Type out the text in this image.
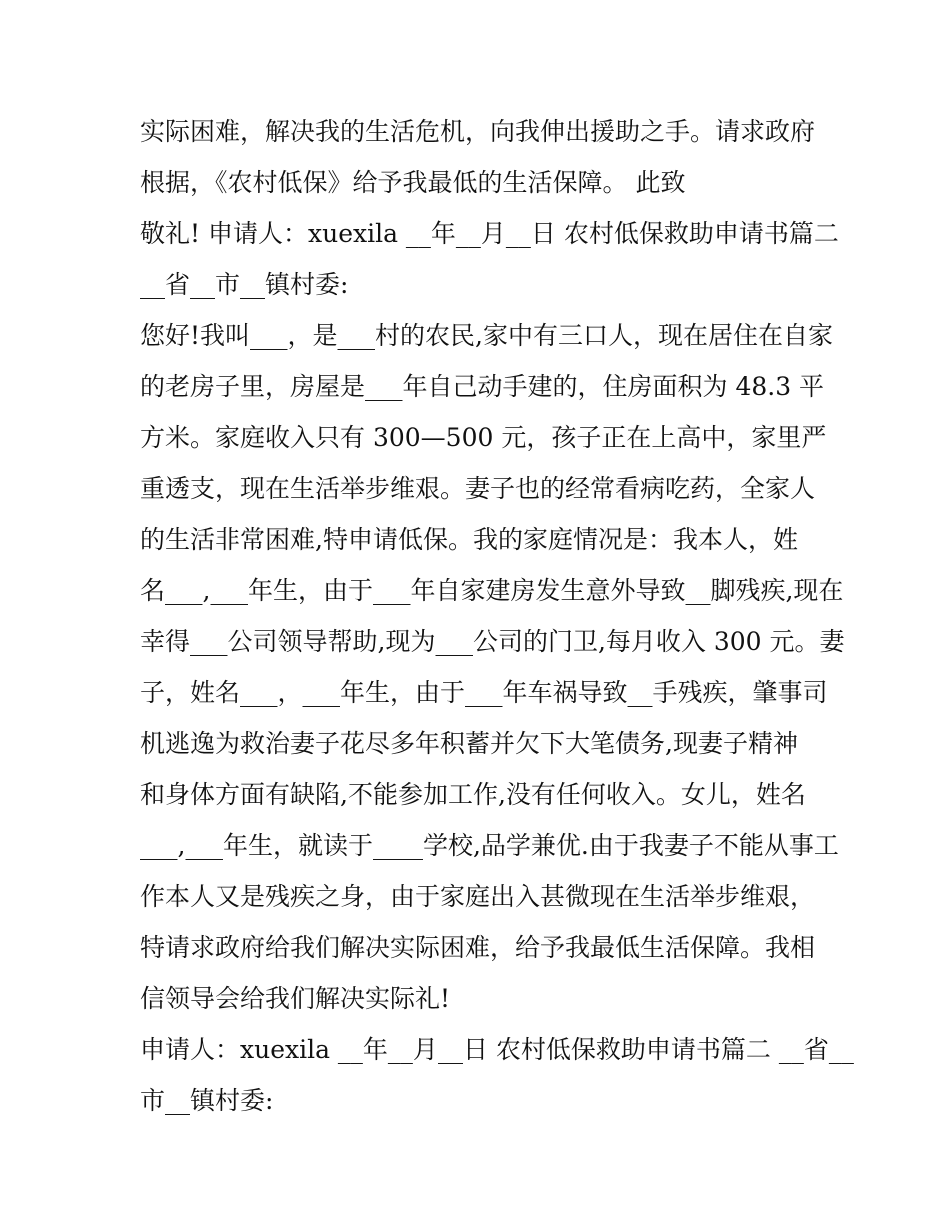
实际困难，解决我的生活危机，向我伸出援助之手。请求政府
根据，《农村低保》给予我最低的生活保障。 此致
敬礼! 申请人：xuexila __年__月__日 农村低保救助申请书篇二
__省__市__镇村委:
您好!我叫___，是___村的农民,家中有三口人，现在居住在自家
的老房子里，房屋是___年自己动手建的，住房面积为 48.3 平
方米。家庭收入只有 300—500 元，孩子正在上高中，家里严
重透支，现在生活举步维艰。妻子也的经常看病吃药，全家人
的生活非常困难,特申请低保。我的家庭情况是：我本人，姓
名___,___年生，由于___年自家建房发生意外导致__脚残疾,现在
幸得___公司领导帮助,现为___公司的门卫,每月收入 300 元。妻
子，姓名___，___年生，由于___年车祸导致__手残疾，肇事司
机逃逸为救治妻子花尽多年积蓄并欠下大笔债务,现妻子精神
和身体方面有缺陷,不能参加工作,没有任何收入。女儿，姓名
___,___年生，就读于____学校,品学兼优.由于我妻子不能从事工
作本人又是残疾之身，由于家庭出入甚微现在生活举步维艰，
特请求政府给我们解决实际困难，给予我最低生活保障。我相
信领导会给我们解决实际礼!
申请人：xuexila __年__月__日 农村低保救助申请书篇二 __省__
市__镇村委:
